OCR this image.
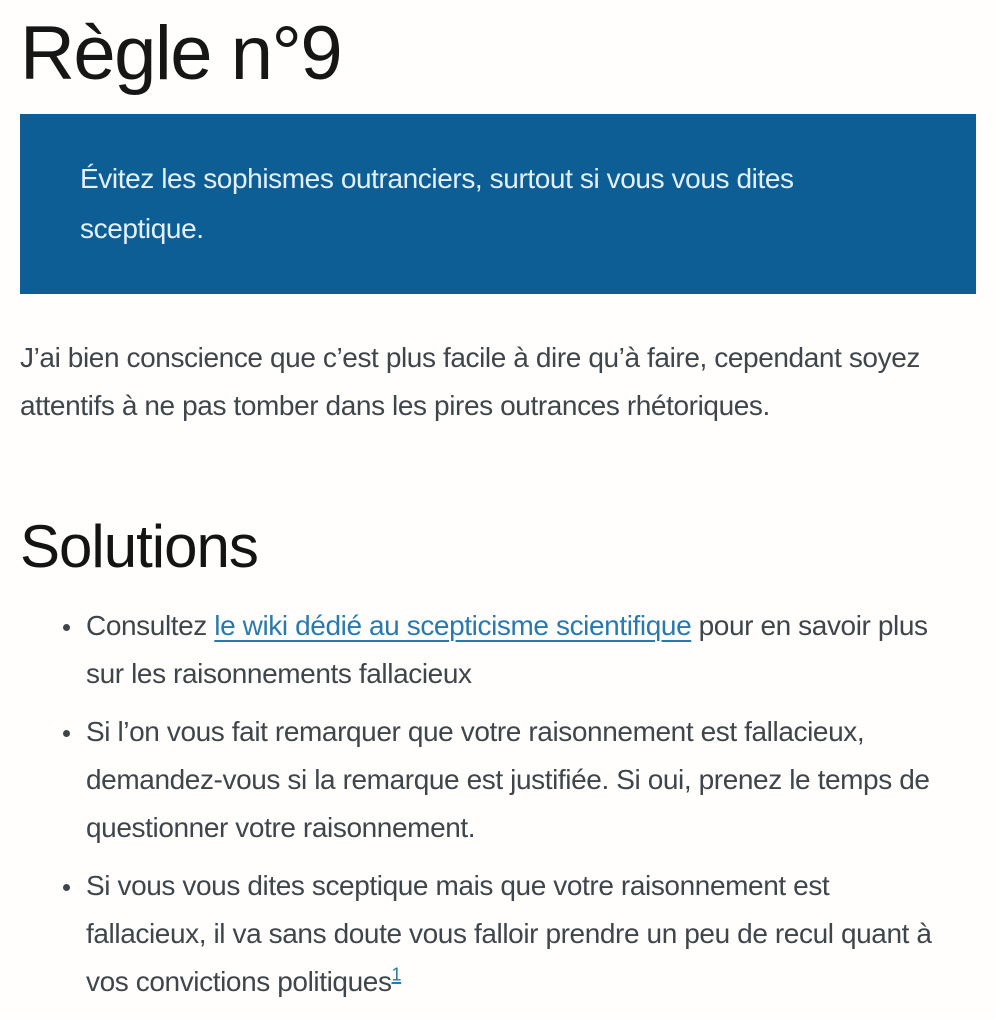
Règle n°9

Évitez les sophismes outranciers, surtout si vous vous dites sceptique.

J’ai bien conscience que c’est plus facile à dire qu’à faire, cependant soyez attentifs à ne pas tomber dans les pires outrances rhétoriques.

Solutions
• Consultez le wiki dédié au scepticisme scientifique pour en savoir plus sur les raisonnements fallacieux
• Si l’on vous fait remarquer que votre raisonnement est fallacieux, demandez-vous si la remarque est justifiée. Si oui, prenez le temps de questionner votre raisonnement.
• Si vous vous dites sceptique mais que votre raisonnement est fallacieux, il va sans doute vous falloir prendre un peu de recul quant à vos convictions politiques$^1$
